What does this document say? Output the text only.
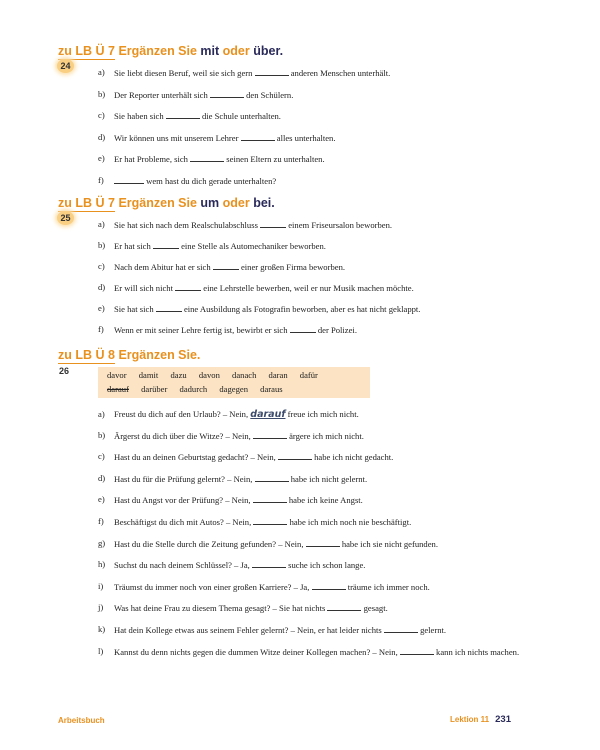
zu LB Ü 7 Ergänzen Sie mit oder über.
24
a) Sie liebt diesen Beruf, weil sie sich gern	anderen Menschen unterhält.
b) Der Reporter unterhält sich	den Schülern.
c) Sie haben sich	die Schule unterhalten.
d) Wir können uns mit unserem Lehrer	alles unterhalten.
e) Er hat Probleme, sich	seinen Eltern zu unterhalten.
f)	wem hast du dich gerade unterhalten?
zu LB Ü 7 Ergänzen Sie um oder bei.
25
a) Sie hat sich nach dem Realschulabschluss	einem Friseursalon beworben.
b) Er hat sich	eine Stelle als Automechaniker beworben.
c) Nach dem Abitur hat er sich	einer großen Firma beworben.
d) Er will sich nicht	eine Lehrstelle bewerben, weil er nur Musik machen möchte.
e) Sie hat sich	eine Ausbildung als Fotografin beworben, aber es hat nicht geklappt.
f) Wenn er mit seiner Lehre fertig ist, bewirbt er sich	der Polizei.
zu LB Ü 8 Ergänzen Sie.
26	davor damit dazu davon danach daran dafür
darauf darüber dadurch dagegen daraus
a) Freust du dich auf den Urlaub? – Nein, darauf freue ich mich nicht.
b) Ärgerst du dich über die Witze? – Nein,	ärgere ich mich nicht.
c) Hast du an deinen Geburtstag gedacht? – Nein,	habe ich nicht gedacht.
d) Hast du für die Prüfung gelernt? – Nein,	habe ich nicht gelernt.
e) Hast du Angst vor der Prüfung? – Nein,	habe ich keine Angst.
f) Beschäftigst du dich mit Autos? – Nein,	habe ich mich noch nie beschäftigt.
g) Hast du die Stelle durch die Zeitung gefunden? – Nein,	habe ich sie nicht gefunden.
h) Suchst du nach deinem Schlüssel? – Ja,	suche ich schon lange.
i) Träumst du immer noch von einer großen Karriere? – Ja,	träume ich immer noch.
j) Was hat deine Frau zu diesem Thema gesagt? – Sie hat nichts	gesagt.
k) Hat dein Kollege etwas aus seinem Fehler gelernt? – Nein, er hat leider nichts	gelernt.
l) Kannst du denn nichts gegen die dummen Witze deiner Kollegen machen? – Nein,	kann ich nichts machen.
Arbeitsbuch	Lektion 11 231
